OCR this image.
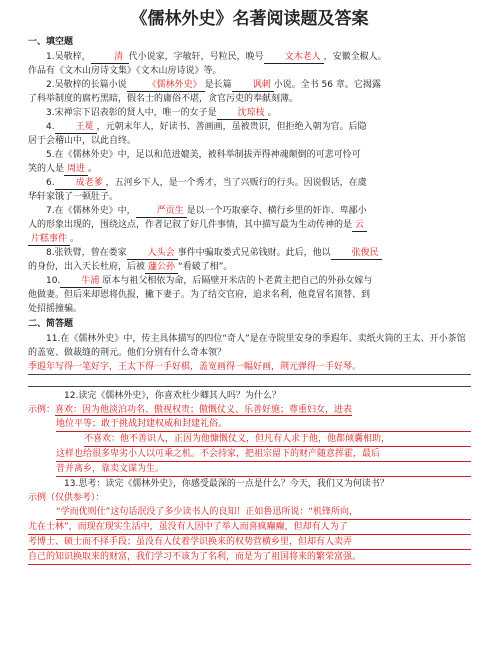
《儒林外史》名著阅读题及答案
一、填空题

1.吴敬梓，	清 代小说家，字敏轩，号粒民，晚号 文木老人 ，安徽全椒人。

作品有《文木山房诗文集》《文木山房诗说》等。

2.吴敬梓的长篇小说 《儒林外史》 是长篇 讽刺 小说。全书 56 章。它揭露

了科举制度的腐朽黑暗，假名士的庸俗不堪，贪官污吏的奉献刻薄。

3.宋禅宗下诏表彰的贤人中，唯一的女子是 沈琼枝 。

4. 王冕 ，元朝末年人，好读书、善画画，虽被贵识，但拒绝入朝为官。后隐

居于会稽山中，以此自终。

5.在《儒林外史》中，足以和范进媲美，被科举制拔弄得神魂颠倒的可悲可怜可

笑的人是 周进 。

6. 成老爹 ，五河乡下人，是一个秀才，当了兴贩行的行头。因说假话，在虞

华轩家饿了一顿肚子。

7.在《儒林外史》中， 严贡生 是以一个巧取豪夺、横行乡里的奸诈、卑鄙小

人的形象出现的，围绕这点，作者记叙了好几件事情，其中描写最为生动传神的是 云

片糕事件 。

8.张铁臂，曾在娄家 人头会 事件中骗取娄式兄弟钱财。此后，他以 张俊民

的身份，出入天长杜府，后被 蘧公孙 “看破了相”。

10. 牛浦 原本与祖父相依为命，后隔壁开米店的卜老黄主把自己的外孙女嫁与

他做妻。但后来却恩将仇报，撇下妻子。为了结交官府，追求名利，他竟冒名顶替、到

处招摇撞骗。

二、简答题

11.在《儒林外史》中，传主具体描写的四位“奇人”是在寺院里安身的季遐年、卖纸火筒的王太、开小茶馆的盖宽、做裁缝的荆元。他们分别有什么奇本领？

季遐年写得一笔好字，王太下得一手好棋，盖宽画得一幅好画，荆元弹得一手好琴。

12.读完《儒林外史》，你喜欢杜少卿其人吗？为什么？

示例：喜欢：因为他淡泊功名、傲视权贵；傲慨仗义、乐善好施；尊重妇女，进表

地位平等；敢于挑战封建权威和封建礼俗。
不喜欢：他不善识人，正因为他慷慨仗义，但凡有人求于他，他都倾囊相助，
这样也给很多卑劣小人以可乘之机。不会持家，把祖宗留下的财产随意挥霍，最后
昔并离乡，靠卖文谋为生。

13.思考：读完《儒林外史》，你感受最深的一点是什么？今天，我们又为何读书？

示例（仅供参考）：

“学而优则仕”这句话泯没了多少读书人的良知！正如鲁迅所说：“机锋所向，
尤在士林”，而现在现实生活中，虽没有人因中了举人而喜疯癫癫，但却有人为了
考博士、硕士而不择手段；虽没有人仗着学识换来的权势营横乡里，但却有人卖弄
自己的知识换取来的财富，我们学习不该为了名利，而是为了祖国将来的繁荣富强。
